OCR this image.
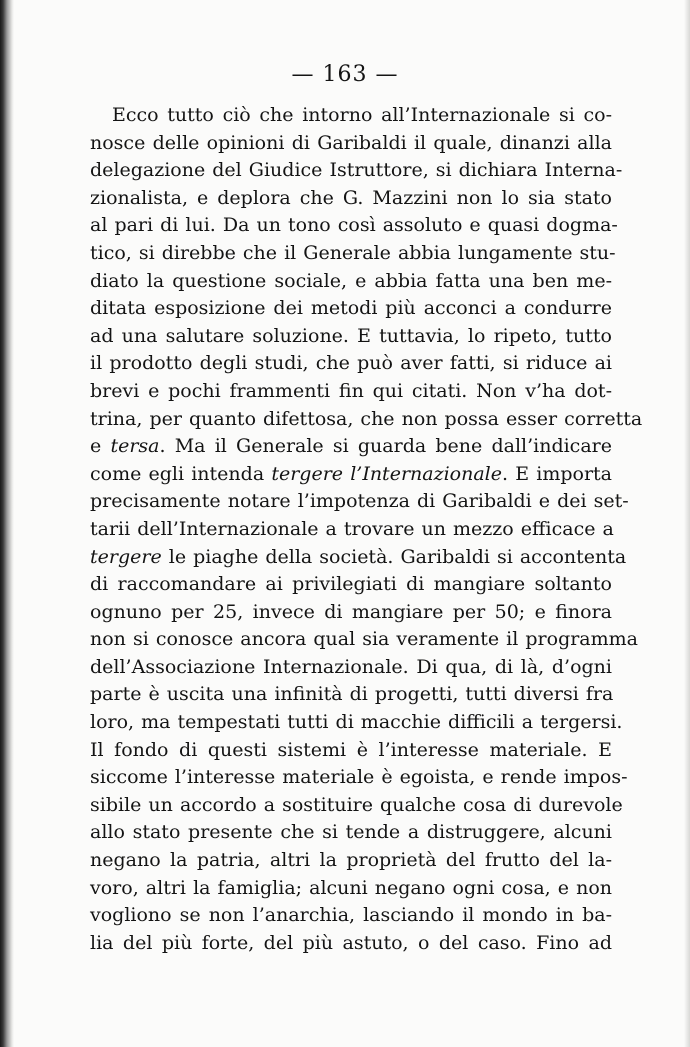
— 163 —
Ecco tutto ciò che intorno all’Internazionale si co-
nosce delle opinioni di Garibaldi il quale, dinanzi alla
delegazione del Giudice Istruttore, si dichiara Interna-
zionalista, e deplora che G. Mazzini non lo sia stato
al pari di lui. Da un tono così assoluto e quasi dogma-
tico, si direbbe che il Generale abbia lungamente stu-
diato la questione sociale, e abbia fatta una ben me-
ditata esposizione dei metodi più acconci a condurre
ad una salutare soluzione. E tuttavia, lo ripeto, tutto
il prodotto degli studi, che può aver fatti, si riduce ai
brevi e pochi frammenti fin qui citati. Non v’ha dot-
trina, per quanto difettosa, che non possa esser corretta
e tersa. Ma il Generale si guarda bene dall’indicare
come egli intenda tergere l’Internazionale. E importa
precisamente notare l’impotenza di Garibaldi e dei set-
tarii dell’Internazionale a trovare un mezzo efficace a
tergere le piaghe della società. Garibaldi si accontenta
di raccomandare ai privilegiati di mangiare soltanto
ognuno per 25, invece di mangiare per 50; e finora
non si conosce ancora qual sia veramente il programma
dell’Associazione Internazionale. Di qua, di là, d’ogni
parte è uscita una infinità di progetti, tutti diversi fra
loro, ma tempestati tutti di macchie difficili a tergersi.
Il fondo di questi sistemi è l’interesse materiale. E
siccome l’interesse materiale è egoista, e rende impos-
sibile un accordo a sostituire qualche cosa di durevole
allo stato presente che si tende a distruggere, alcuni
negano la patria, altri la proprietà del frutto del la-
voro, altri la famiglia; alcuni negano ogni cosa, e non
vogliono se non l’anarchia, lasciando il mondo in ba-
lia del più forte, del più astuto, o del caso. Fino ad
